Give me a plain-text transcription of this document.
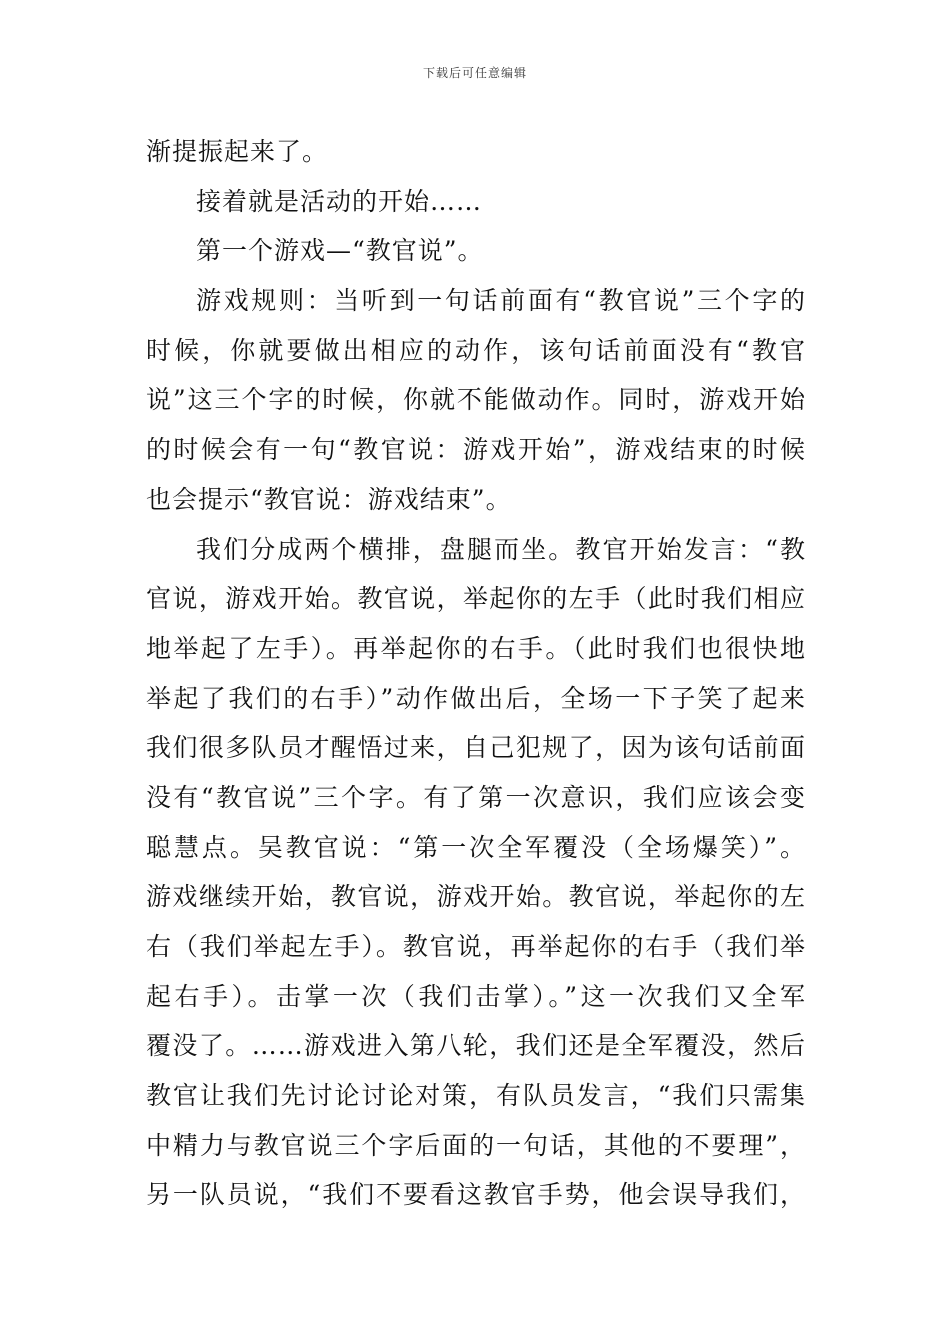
下载后可任意编辑
渐提振起来了。
接着就是活动的开始……
第一个游戏—“教官说”。
游戏规则：当听到一句话前面有“教官说”三个字的
时候，你就要做出相应的动作，该句话前面没有“教官
说”这三个字的时候，你就不能做动作。同时，游戏开始
的时候会有一句“教官说：游戏开始”，游戏结束的时候
也会提示“教官说：游戏结束”。
我们分成两个横排，盘腿而坐。教官开始发言：“教
官说，游戏开始。教官说，举起你的左手（此时我们相应
地举起了左手）。再举起你的右手。（此时我们也很快地
举起了我们的右手）”动作做出后，全场一下子笑了起来
我们很多队员才醒悟过来，自己犯规了，因为该句话前面
没有“教官说”三个字。有了第一次意识，我们应该会变
聪慧点。吴教官说：“第一次全军覆没（全场爆笑）”。
游戏继续开始，教官说，游戏开始。教官说，举起你的左
右（我们举起左手）。教官说，再举起你的右手（我们举
起右手）。击掌一次（我们击掌）。”这一次我们又全军
覆没了。……游戏进入第八轮，我们还是全军覆没，然后
教官让我们先讨论讨论对策，有队员发言，“我们只需集
中精力与教官说三个字后面的一句话，其他的不要理”，
另一队员说，“我们不要看这教官手势，他会误导我们，
